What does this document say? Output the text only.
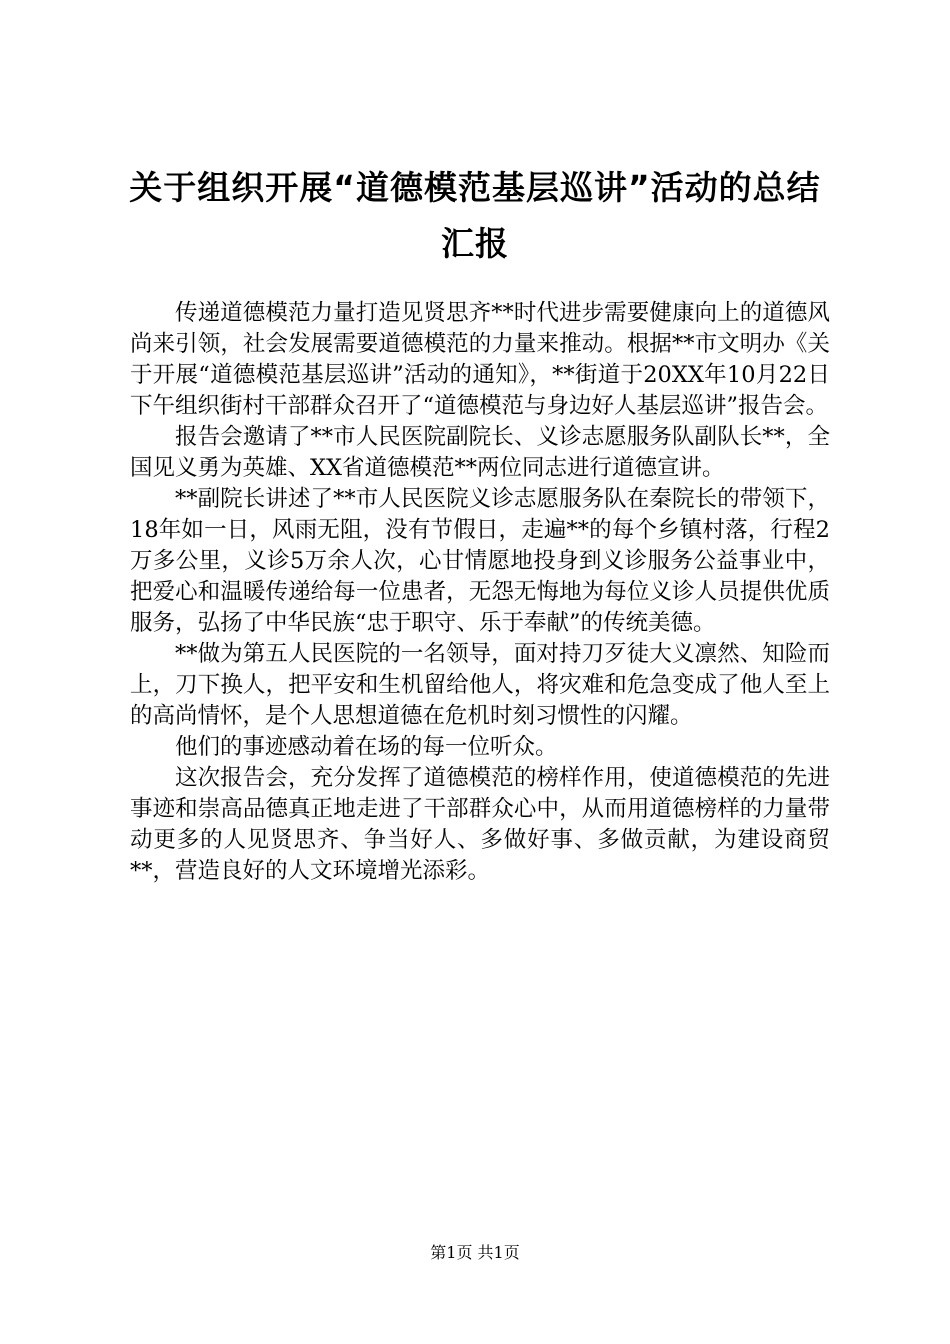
关于组织开展“道德模范基层巡讲”活动的总结汇报

传递道德模范力量打造见贤思齐**时代进步需要健康向上的道德风尚来引领，社会发展需要道德模范的力量来推动。根据**市文明办《关于开展“道德模范基层巡讲”活动的通知》，**街道于20XX年10月22日下午组织街村干部群众召开了“道德模范与身边好人基层巡讲”报告会。

报告会邀请了**市人民医院副院长、义诊志愿服务队副队长**，全国见义勇为英雄、XX省道德模范**两位同志进行道德宣讲。

**副院长讲述了**市人民医院义诊志愿服务队在秦院长的带领下，18年如一日，风雨无阻，没有节假日，走遍**的每个乡镇村落，行程2万多公里，义诊5万余人次，心甘情愿地投身到义诊服务公益事业中，把爱心和温暖传递给每一位患者，无怨无悔地为每位义诊人员提供优质服务，弘扬了中华民族“忠于职守、乐于奉献”的传统美德。

**做为第五人民医院的一名领导，面对持刀歹徒大义凛然、知险而上，刀下换人，把平安和生机留给他人，将灾难和危急变成了他人至上的高尚情怀，是个人思想道德在危机时刻习惯性的闪耀。

他们的事迹感动着在场的每一位听众。

这次报告会，充分发挥了道德模范的榜样作用，使道德模范的先进事迹和崇高品德真正地走进了干部群众心中，从而用道德榜样的力量带动更多的人见贤思齐、争当好人、多做好事、多做贡献，为建设商贸**，营造良好的人文环境增光添彩。

第1页 共1页
